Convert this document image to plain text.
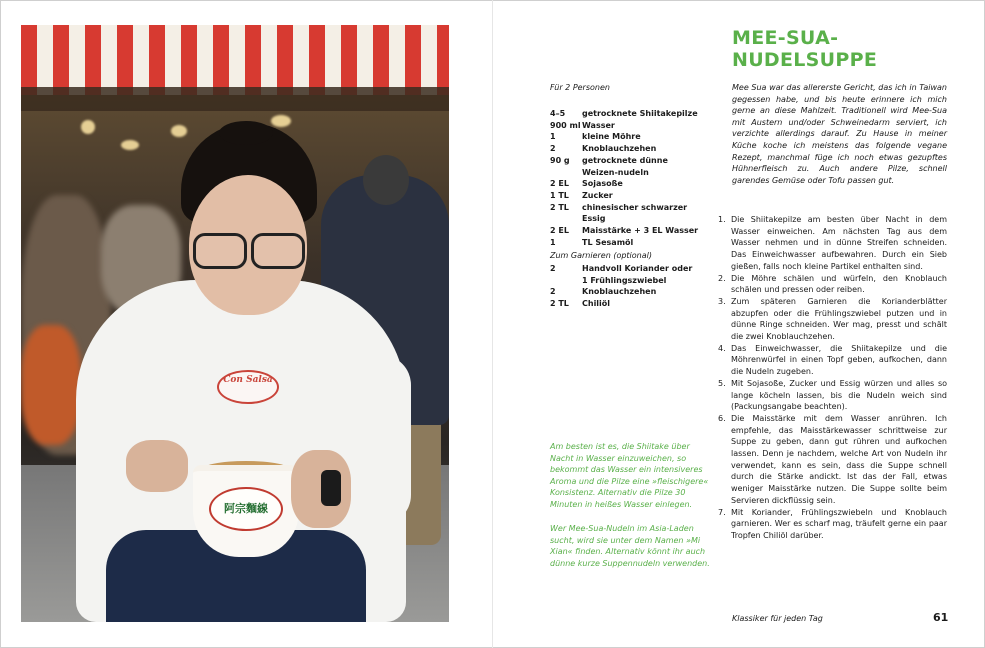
Con Salsa
阿宗麵線
MEE-SUA-
NUDELSUPPE

Mee Sua war das allererste Gericht, das ich in Taiwan gegessen habe, und bis heute erinnere ich mich gerne an diese Mahlzeit. Traditionell wird Mee-Sua mit Austern und/oder Schweinedarm serviert, ich verzichte allerdings darauf. Zu Hause in meiner Küche koche ich meistens das folgende vegane Rezept, manchmal füge ich noch etwas gezupftes Hühnerfleisch zu. Auch andere Pilze, schnell garendes Gemüse oder Tofu passen gut.

Für 2 Personen
4–5	getrocknete Shiitakepilze
900 ml Wasser
1	kleine Möhre
2	Knoblauchzehen
90 g	getrocknete dünne Weizen-nudeln
2 EL	Sojasoße
1 TL	Zucker
2 TL	chinesischer schwarzer Essig
2 EL	Maisstärke + 3 EL Wasser
1	TL Sesamöl
Zum Garnieren (optional)
2	Handvoll Koriander oder 1 Frühlingszwiebel
2	Knoblauchzehen
2 TL	Chiliöl

Am besten ist es, die Shiitake über Nacht in Wasser einzuweichen, so bekommt das Wasser ein intensiveres Aroma und die Pilze eine »fleischigere« Konsistenz. Alternativ die Pilze 30 Minuten in heißes Wasser einlegen.

Wer Mee-Sua-Nudeln im Asia-Laden sucht, wird sie unter dem Namen »Mi Xian« finden. Alternativ könnt ihr auch dünne kurze Suppennudeln verwenden.

1. Die Shiitakepilze am besten über Nacht in dem Wasser einweichen. Am nächsten Tag aus dem Wasser nehmen und in dünne Streifen schneiden. Das Einweichwasser aufbewahren. Durch ein Sieb gießen, falls noch kleine Partikel enthalten sind.
2. Die Möhre schälen und würfeln, den Knoblauch schälen und pressen oder reiben.
3. Zum späteren Garnieren die Korianderblätter abzupfen oder die Frühlingszwiebel putzen und in dünne Ringe schneiden. Wer mag, presst und schält die zwei Knoblauchzehen.
4. Das Einweichwasser, die Shiitakepilze und die Möhrenwürfel in einen Topf geben, aufkochen, dann die Nudeln zugeben.
5. Mit Sojasoße, Zucker und Essig würzen und alles so lange köcheln lassen, bis die Nudeln weich sind (Packungsangabe beachten).
6. Die Maisstärke mit dem Wasser anrühren. Ich empfehle, das Maisstärkewasser schrittweise zur Suppe zu geben, dann gut rühren und aufkochen lassen. Denn je nachdem, welche Art von Nudeln ihr verwendet, kann es sein, dass die Suppe schnell durch die Stärke andickt. Ist das der Fall, etwas weniger Maisstärke nutzen. Die Suppe sollte beim Servieren dickflüssig sein.
7. Mit Koriander, Frühlingszwiebeln und Knoblauch garnieren. Wer es scharf mag, träufelt gerne ein paar Tropfen Chiliöl darüber.
Klassiker für jeden Tag	61
